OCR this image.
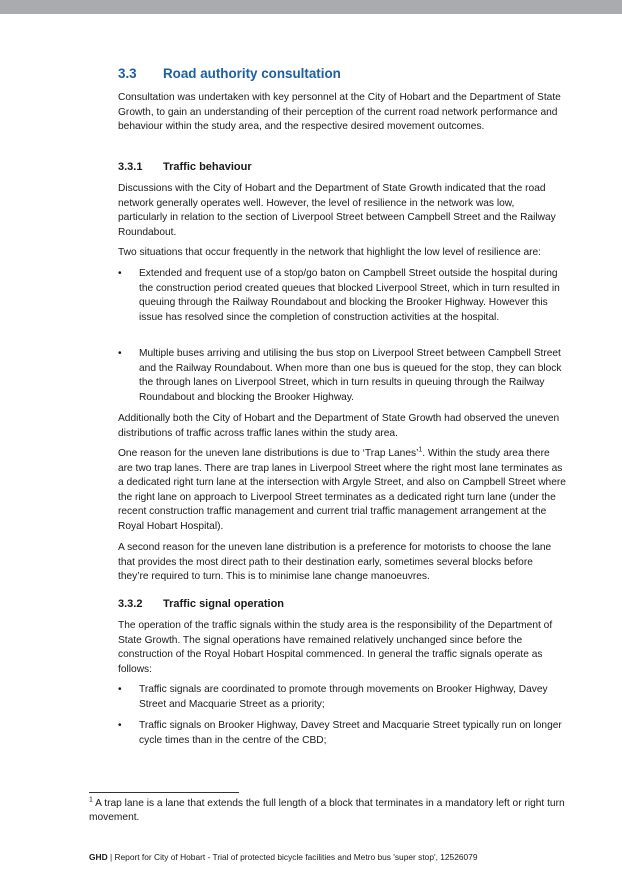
3.3 Road authority consultation

Consultation was undertaken with key personnel at the City of Hobart and the Department of State Growth, to gain an understanding of their perception of the current road network performance and behaviour within the study area, and the respective desired movement outcomes.

3.3.1 Traffic behaviour

Discussions with the City of Hobart and the Department of State Growth indicated that the road network generally operates well. However, the level of resilience in the network was low, particularly in relation to the section of Liverpool Street between Campbell Street and the Railway Roundabout.

Two situations that occur frequently in the network that highlight the low level of resilience are:

•	Extended and frequent use of a stop/go baton on Campbell Street outside the hospital during the construction period created queues that blocked Liverpool Street, which in turn resulted in queuing through the Railway Roundabout and blocking the Brooker Highway. However this issue has resolved since the completion of construction activities at the hospital.
•	Multiple buses arriving and utilising the bus stop on Liverpool Street between Campbell Street and the Railway Roundabout. When more than one bus is queued for the stop, they can block the through lanes on Liverpool Street, which in turn results in queuing through the Railway Roundabout and blocking the Brooker Highway.

Additionally both the City of Hobart and the Department of State Growth had observed the uneven distributions of traffic across traffic lanes within the study area.

One reason for the uneven lane distributions is due to ‘Trap Lanes’$^1$. Within the study area there are two trap lanes. There are trap lanes in Liverpool Street where the right most lane terminates as a dedicated right turn lane at the intersection with Argyle Street, and also on Campbell Street where the right lane on approach to Liverpool Street terminates as a dedicated right turn lane (under the recent construction traffic management and current trial traffic management arrangement at the Royal Hobart Hospital).

A second reason for the uneven lane distribution is a preference for motorists to choose the lane that provides the most direct path to their destination early, sometimes several blocks before they’re required to turn. This is to minimise lane change manoeuvres.

3.3.2 Traffic signal operation

The operation of the traffic signals within the study area is the responsibility of the Department of State Growth. The signal operations have remained relatively unchanged since before the construction of the Royal Hobart Hospital commenced. In general the traffic signals operate as follows:

•	Traffic signals are coordinated to promote through movements on Brooker Highway, Davey Street and Macquarie Street as a priority;
•	Traffic signals on Brooker Highway, Davey Street and Macquarie Street typically run on longer cycle times than in the centre of the CBD;
$^1$ A trap lane is a lane that extends the full length of a block that terminates in a mandatory left or right turn movement.
GHD | Report for City of Hobart - Trial of protected bicycle facilities and Metro bus 'super stop', 12526079
